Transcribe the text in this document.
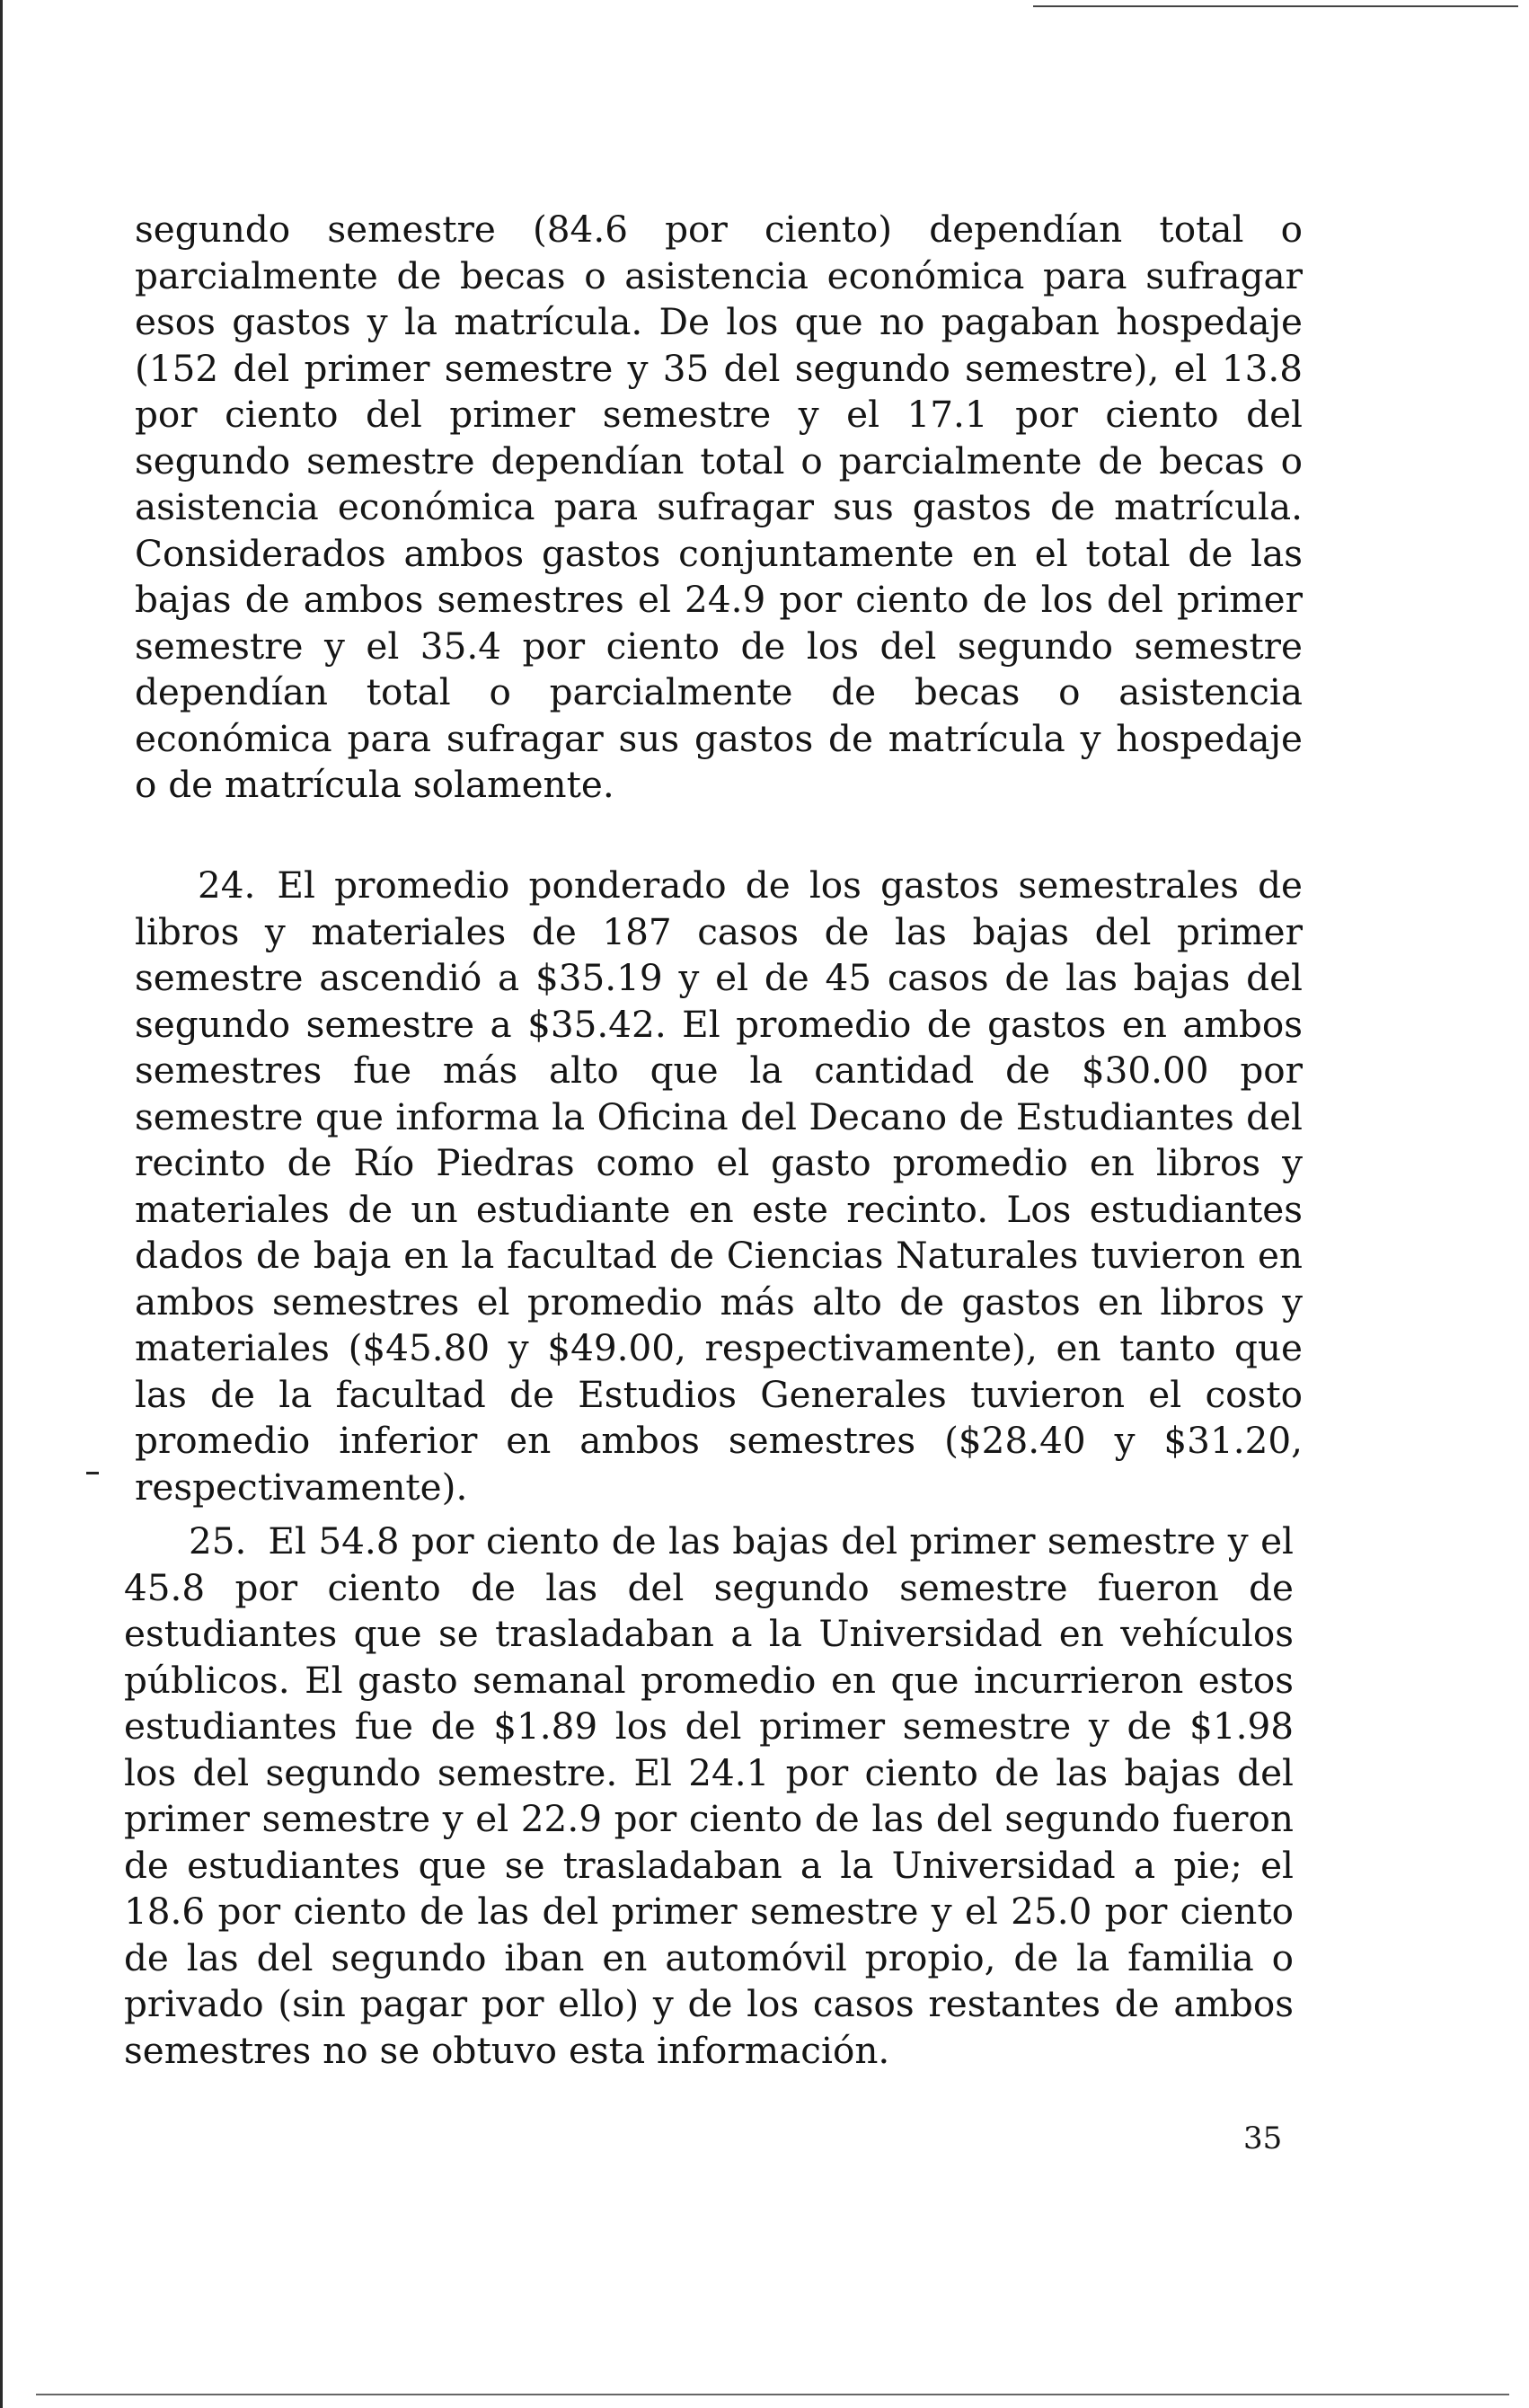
segundo semestre (84.6 por ciento) dependían total o parcialmente de becas o asistencia económica para sufragar esos gastos y la matrícula. De los que no pagaban hospedaje (152 del primer semestre y 35 del segundo semestre), el 13.8 por ciento del primer semestre y el 17.1 por ciento del segundo semestre dependían total o parcialmente de becas o asistencia económica para sufragar sus gastos de matrícula. Considerados ambos gastos conjuntamente en el total de las bajas de ambos semestres el 24.9 por ciento de los del primer semestre y el 35.4 por ciento de los del segundo semestre dependían total o parcialmente de becas o asistencia económica para sufragar sus gastos de matrícula y hospedaje o de matrícula solamente.

24. El promedio ponderado de los gastos semestrales de libros y materiales de 187 casos de las bajas del primer semestre ascendió a $35.19 y el de 45 casos de las bajas del segundo semestre a $35.42. El promedio de gastos en ambos semestres fue más alto que la cantidad de $30.00 por semestre que informa la Oficina del Decano de Estudiantes del recinto de Río Piedras como el gasto promedio en libros y materiales de un estudiante en este recinto. Los estudiantes dados de baja en la facultad de Ciencias Naturales tuvieron en ambos semestres el promedio más alto de gastos en libros y materiales ($45.80 y $49.00, respectivamente), en tanto que las de la facultad de Estudios Generales tuvieron el costo promedio inferior en ambos semestres ($28.40 y $31.20, respectivamente).

25. El 54.8 por ciento de las bajas del primer semestre y el 45.8 por ciento de las del segundo semestre fueron de estudiantes que se trasladaban a la Universidad en vehículos públicos. El gasto semanal promedio en que incurrieron estos estudiantes fue de $1.89 los del primer semestre y de $1.98 los del segundo semestre. El 24.1 por ciento de las bajas del primer semestre y el 22.9 por ciento de las del segundo fueron de estudiantes que se trasladaban a la Universidad a pie; el 18.6 por ciento de las del primer semestre y el 25.0 por ciento de las del segundo iban en automóvil propio, de la familia o privado (sin pagar por ello) y de los casos restantes de ambos semestres no se obtuvo esta información.

35
